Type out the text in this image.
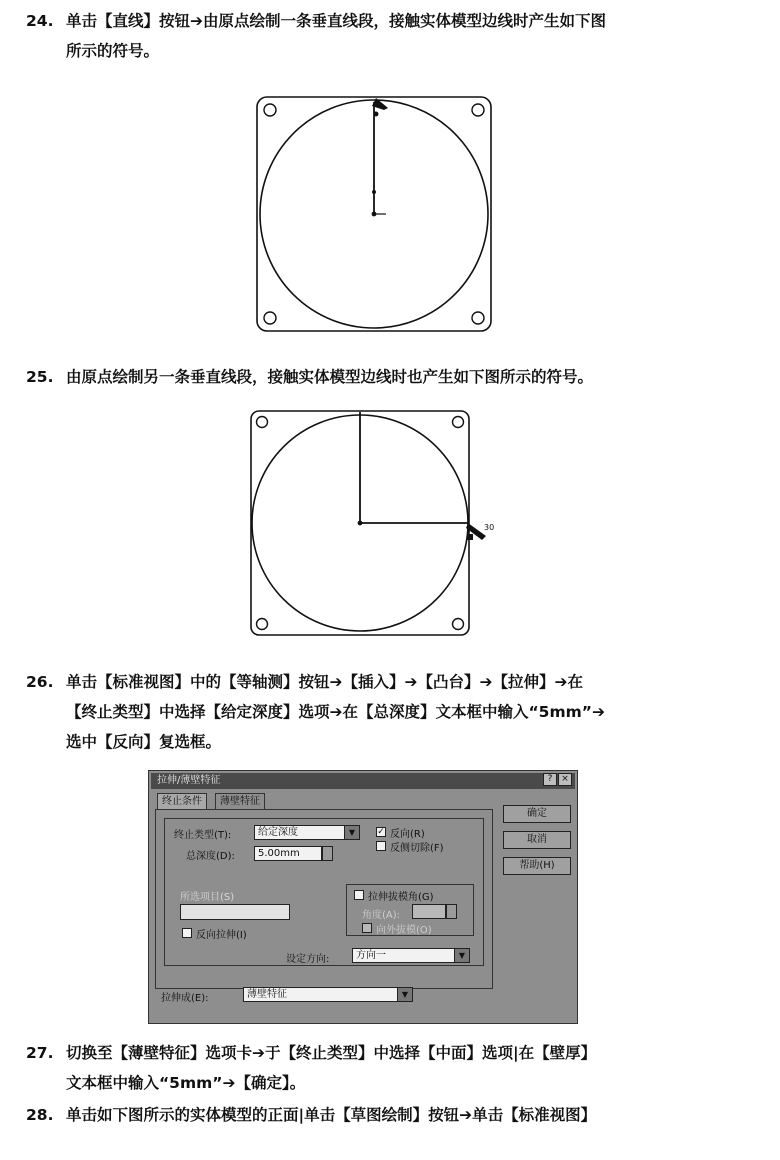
24. 单击【直线】按钮➔由原点绘制一条垂直线段，接触实体模型边线时产生如下图
所示的符号。
25. 由原点绘制另一条垂直线段，接触实体模型边线时也产生如下图所示的符号。
30
26. 单击【标准视图】中的【等轴测】按钮➔【插入】➔【凸台】➔【拉伸】➔在
【终止类型】中选择【给定深度】选项➔在【总深度】文本框中输入“5mm”➔
选中【反向】复选框。
拉伸/薄壁特征	? ×
终止条件	薄壁特征
终止类型(T):	给定深度	▼	✓ 反向(R)
反侧切除(F)
总深度(D):	5.00mm
所选项目(S)
反向拉伸(I)
拉伸拔模角(G)
角度(A):
向外拔模(O)
设定方向:	方向一	▼
拉伸成(E):	薄壁特征	▼
确定
取消
帮助(H)
27. 切换至【薄壁特征】选项卡➔于【终止类型】中选择【中面】选项|在【壁厚】
文本框中输入“5mm”➔【确定】。
28. 单击如下图所示的实体模型的正面|单击【草图绘制】按钮➔单击【标准视图】
